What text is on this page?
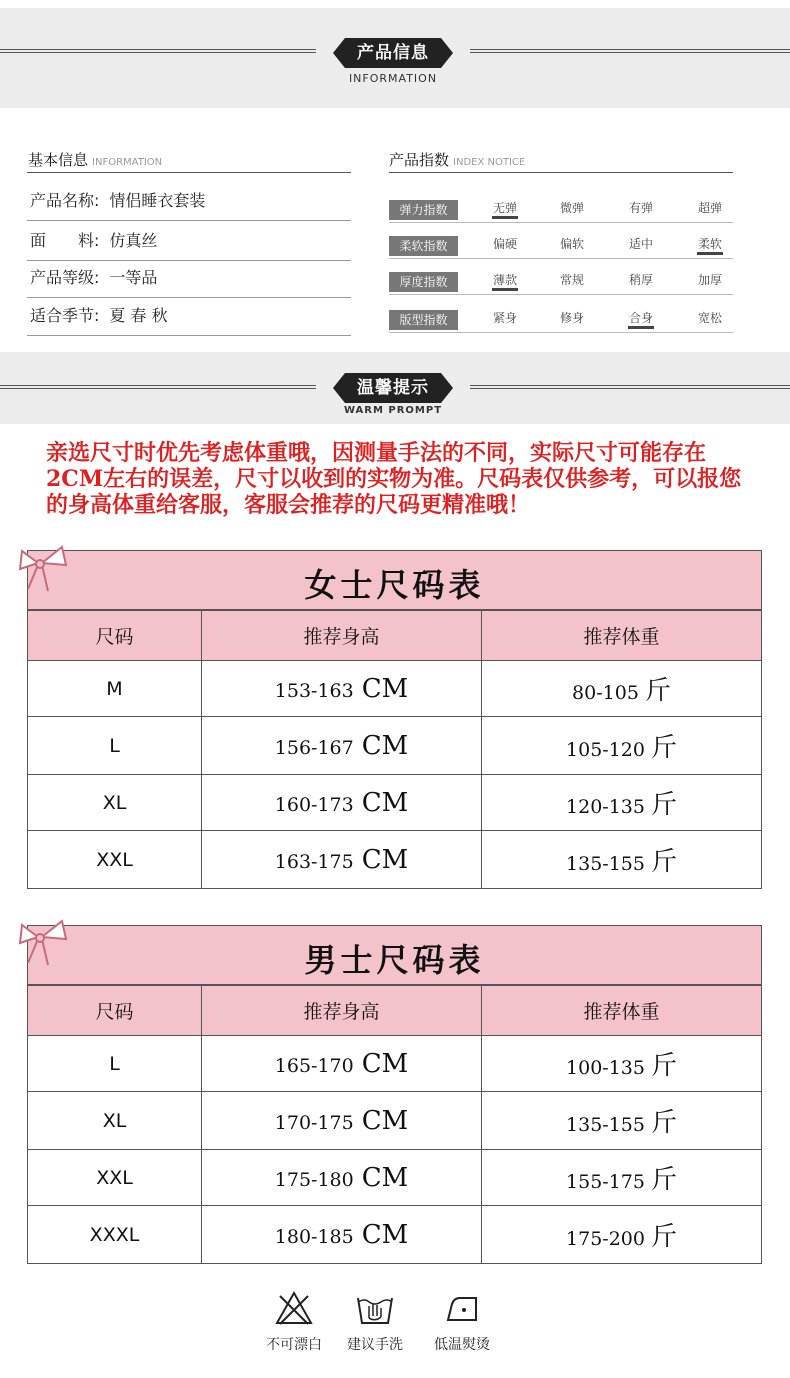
产品信息
INFORMATION
基本信息 INFORMATION
产品名称: 情侣睡衣套装
面　　料: 仿真丝
产品等级: 一等品
适合季节: 夏 春 秋
产品指数 INDEX NOTICE
弹力指数	无弹	微弹	有弹	超弹
柔软指数	偏硬	偏软	适中	柔软
厚度指数	薄款	常规	稍厚	加厚
版型指数	紧身	修身	合身	宽松
温馨提示
WARM PROMPT
亲选尺寸时优先考虑体重哦，因测量手法的不同，实际尺寸可能存在2CM左右的误差，尺寸以收到的实物为准。尺码表仅供参考，可以报您的身高体重给客服，客服会推荐的尺码更精准哦！
女士尺码表
尺码	推荐身高	推荐体重
M	153-163 CM	80-105 斤
L	156-167 CM	105-120 斤
XL	160-173 CM	120-135 斤
XXL	163-175 CM	135-155 斤
男士尺码表
尺码	推荐身高	推荐体重
L	165-170 CM	100-135 斤
XL	170-175 CM	135-155 斤
XXL	175-180 CM	155-175 斤
XXXL	180-185 CM	175-200 斤
不可漂白	建议手洗	低温熨烫
